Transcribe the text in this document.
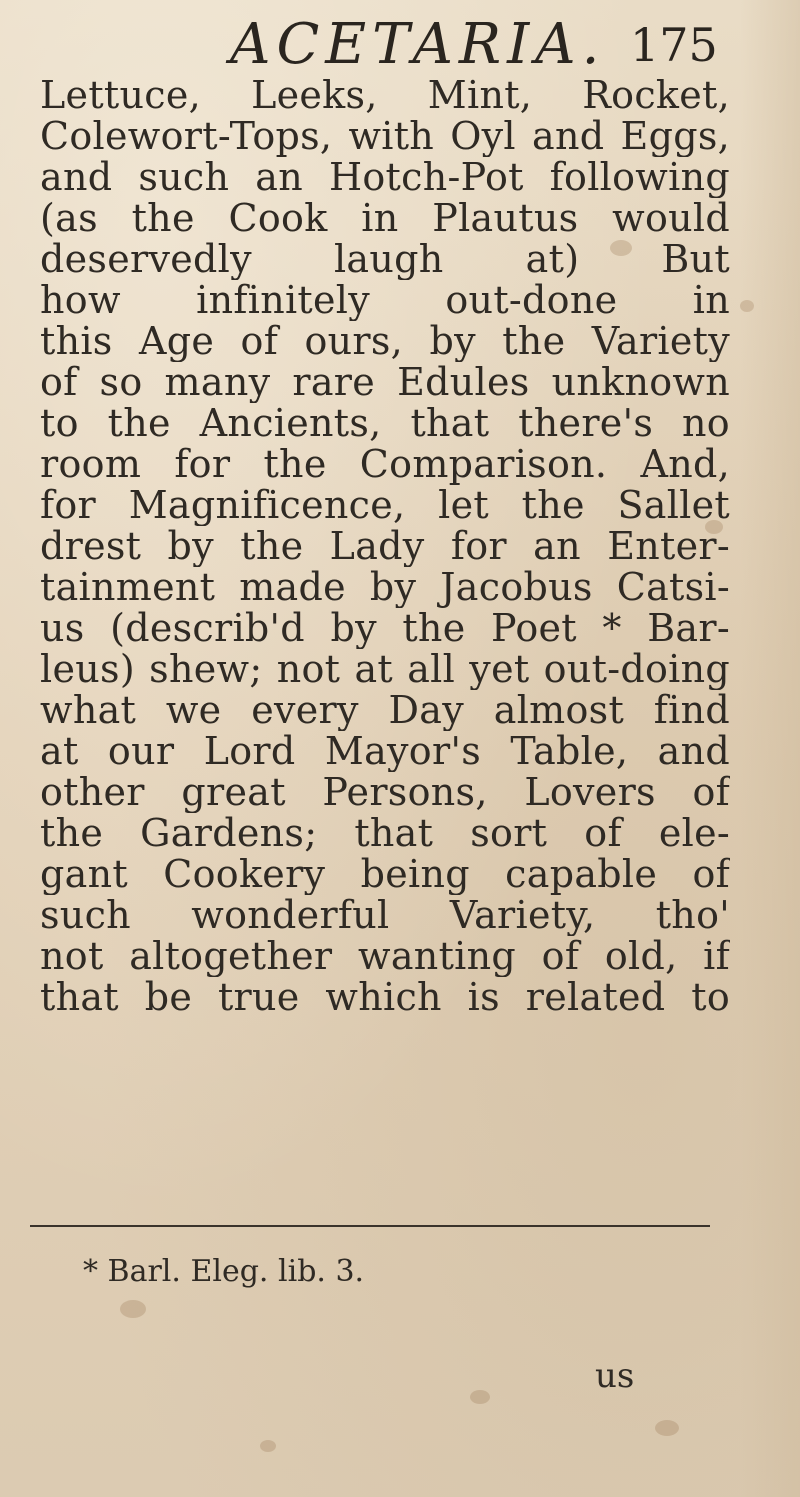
ACETARIA. 175
Lettuce, Leeks, Mint, Rocket,
Colewort-Tops, with Oyl and Eggs,
and such an Hotch-Pot following
(as the Cook in Plautus would
deservedly laugh at) But
how infinitely out-done in
this Age of ours, by the Variety
of so many rare Edules unknown
to the Ancients, that there's no
room for the Comparison. And,
for Magnificence, let the Sallet
drest by the Lady for an Enter-
tainment made by Jacobus Catsi-
us (describ'd by the Poet * Bar-
leus) shew; not at all yet out-doing
what we every Day almost find
at our Lord Mayor's Table, and
other great Persons, Lovers of
the Gardens; that sort of ele-
gant Cookery being capable of
such wonderful Variety, tho'
not altogether wanting of old, if
that be true which is related to
* Barl. Eleg. lib. 3.
us
